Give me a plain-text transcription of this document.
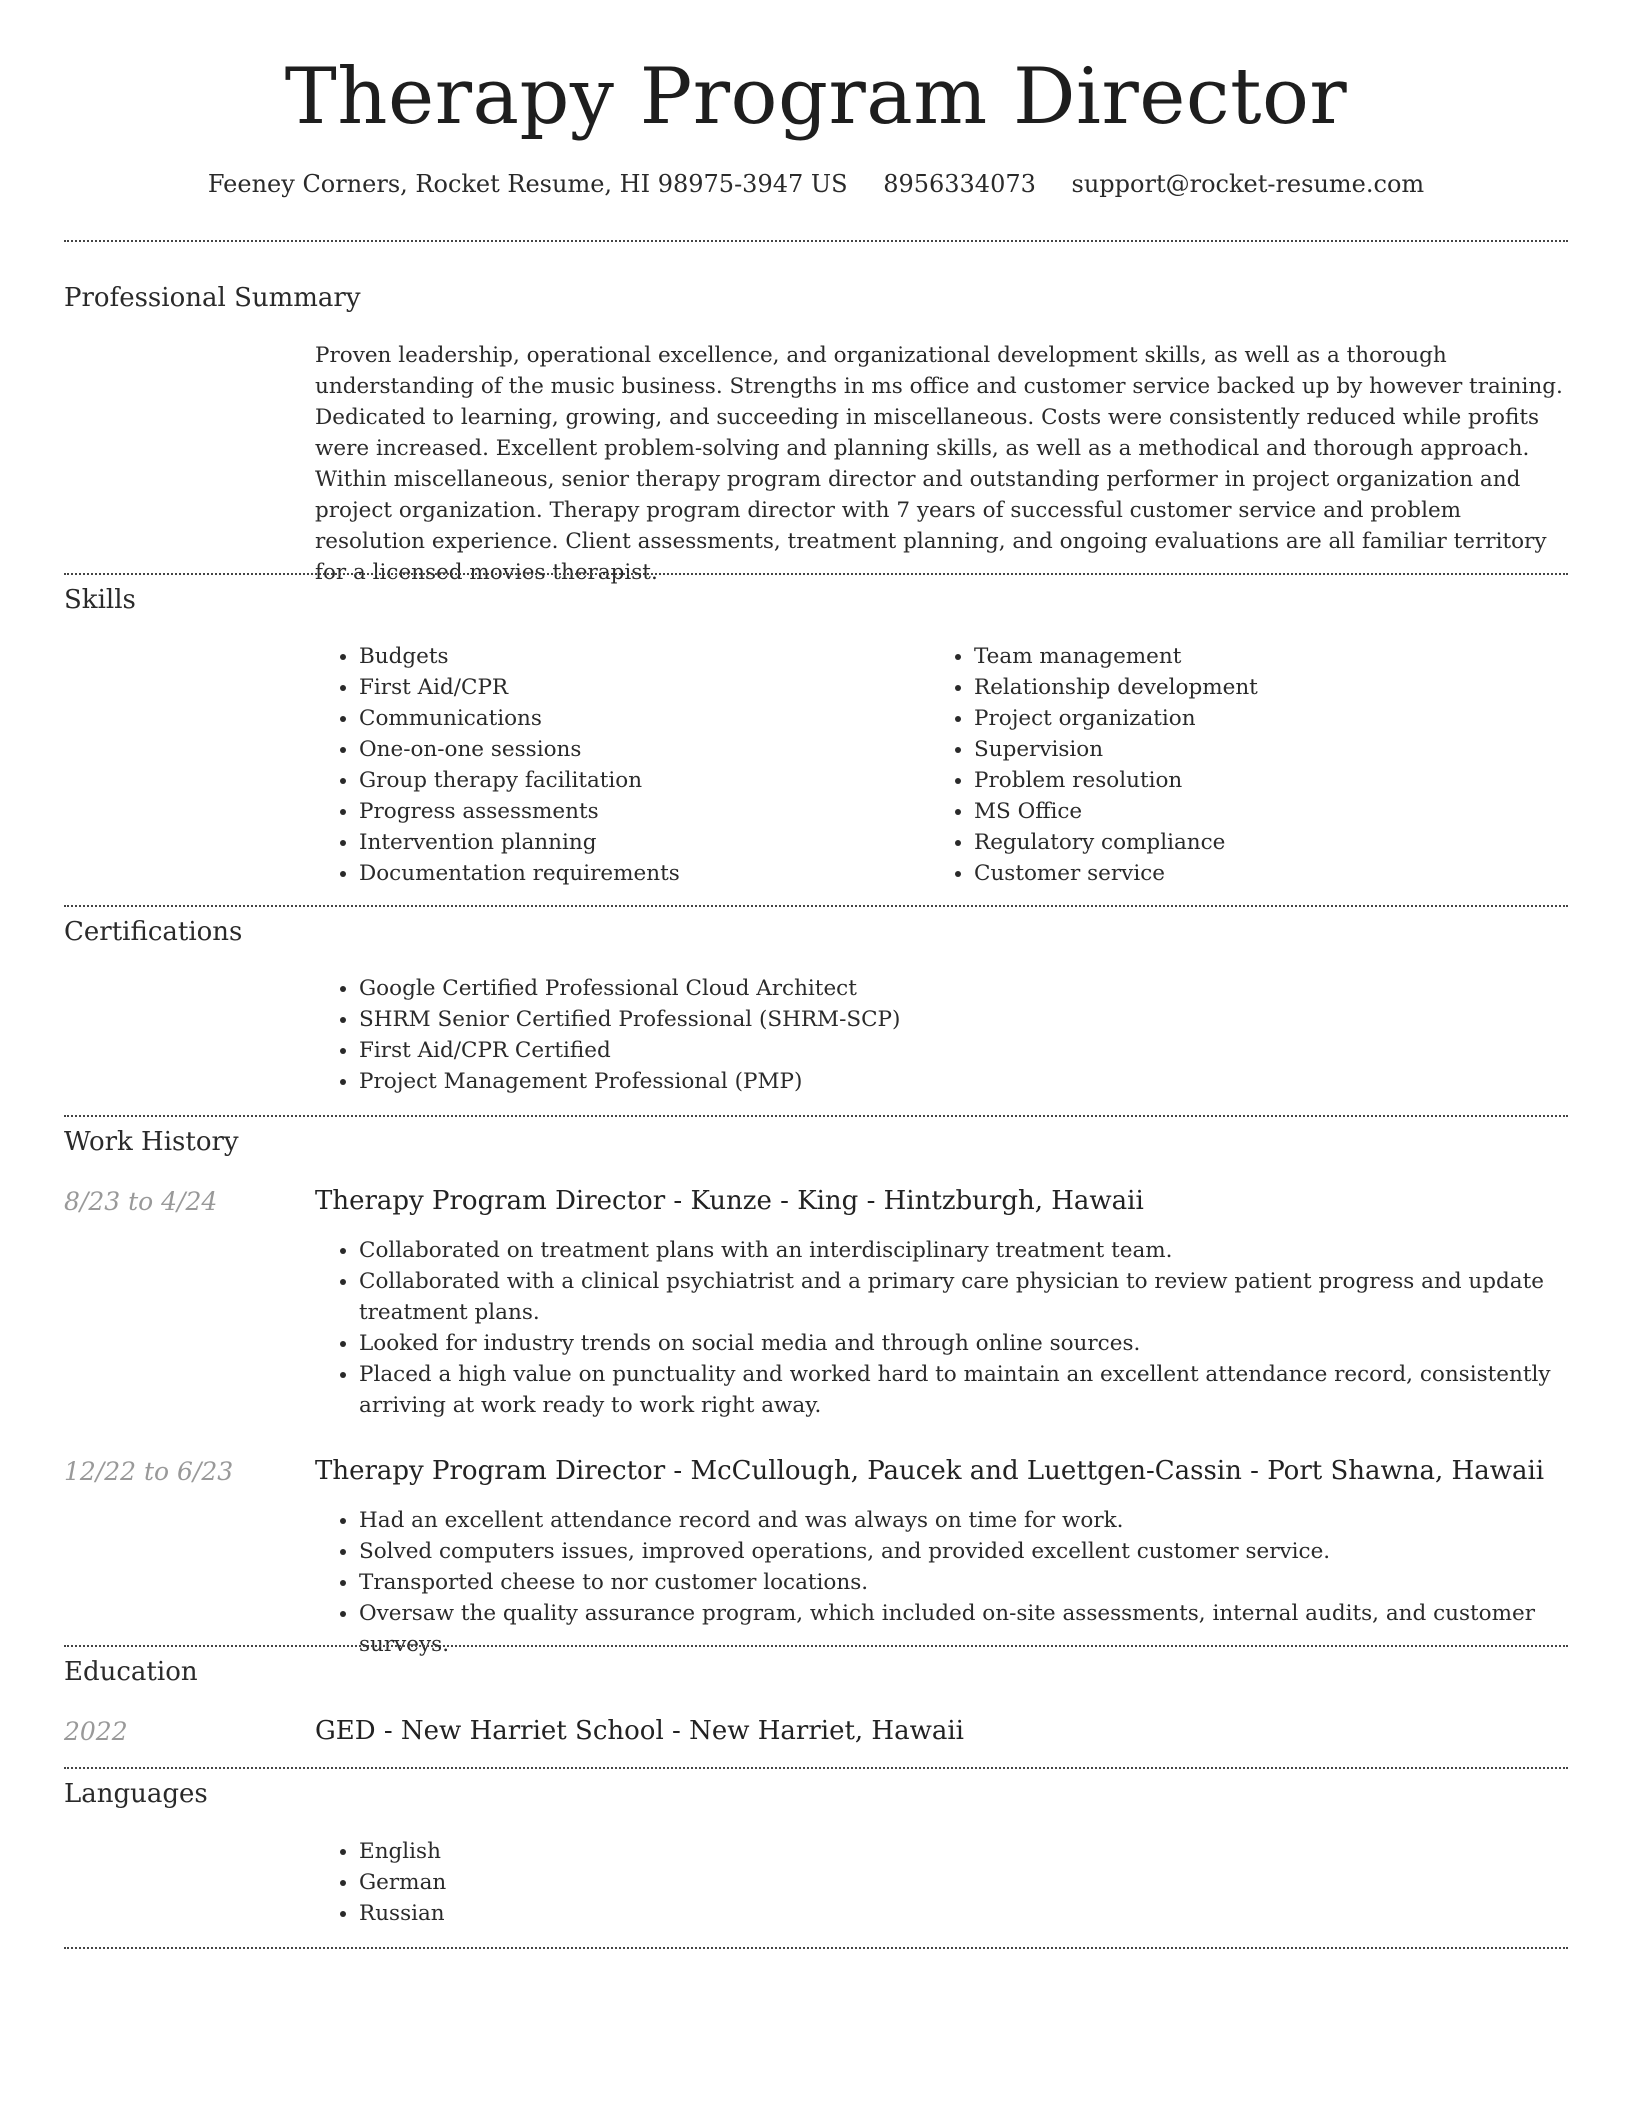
Therapy Program Director
Feeney Corners, Rocket Resume, HI 98975-3947 US 8956334073 support@rocket-resume.com
Professional Summary

Proven leadership, operational excellence, and organizational development skills, as well as a thorough understanding of the music business. Strengths in ms office and customer service backed up by however training. Dedicated to learning, growing, and succeeding in miscellaneous. Costs were consistently reduced while profits were increased. Excellent problem-solving and planning skills, as well as a methodical and thorough approach. Within miscellaneous, senior therapy program director and outstanding performer in project organization and project organization. Therapy program director with 7 years of successful customer service and problem resolution experience. Client assessments, treatment planning, and ongoing evaluations are all familiar territory for a licensed movies therapist.

Skills
• Budgets
• First Aid/CPR
• Communications
• One-on-one sessions
• Group therapy facilitation
• Progress assessments
• Intervention planning
• Documentation requirements
• Team management
• Relationship development
• Project organization
• Supervision
• Problem resolution
• MS Office
• Regulatory compliance
• Customer service
Certifications
• Google Certified Professional Cloud Architect
• SHRM Senior Certified Professional (SHRM-SCP)
• First Aid/CPR Certified
• Project Management Professional (PMP)
Work History
8/23 to 4/24	Therapy Program Director - Kunze - King - Hintzburgh, Hawaii
• Collaborated on treatment plans with an interdisciplinary treatment team.
• Collaborated with a clinical psychiatrist and a primary care physician to review patient progress and update treatment plans.
• Looked for industry trends on social media and through online sources.
• Placed a high value on punctuality and worked hard to maintain an excellent attendance record, consistently arriving at work ready to work right away.
12/22 to 6/23	Therapy Program Director - McCullough, Paucek and Luettgen-Cassin - Port Shawna, Hawaii
• Had an excellent attendance record and was always on time for work.
• Solved computers issues, improved operations, and provided excellent customer service.
• Transported cheese to nor customer locations.
• Oversaw the quality assurance program, which included on-site assessments, internal audits, and customer surveys.
Education
2022	GED - New Harriet School - New Harriet, Hawaii
Languages
• English
• German
• Russian
